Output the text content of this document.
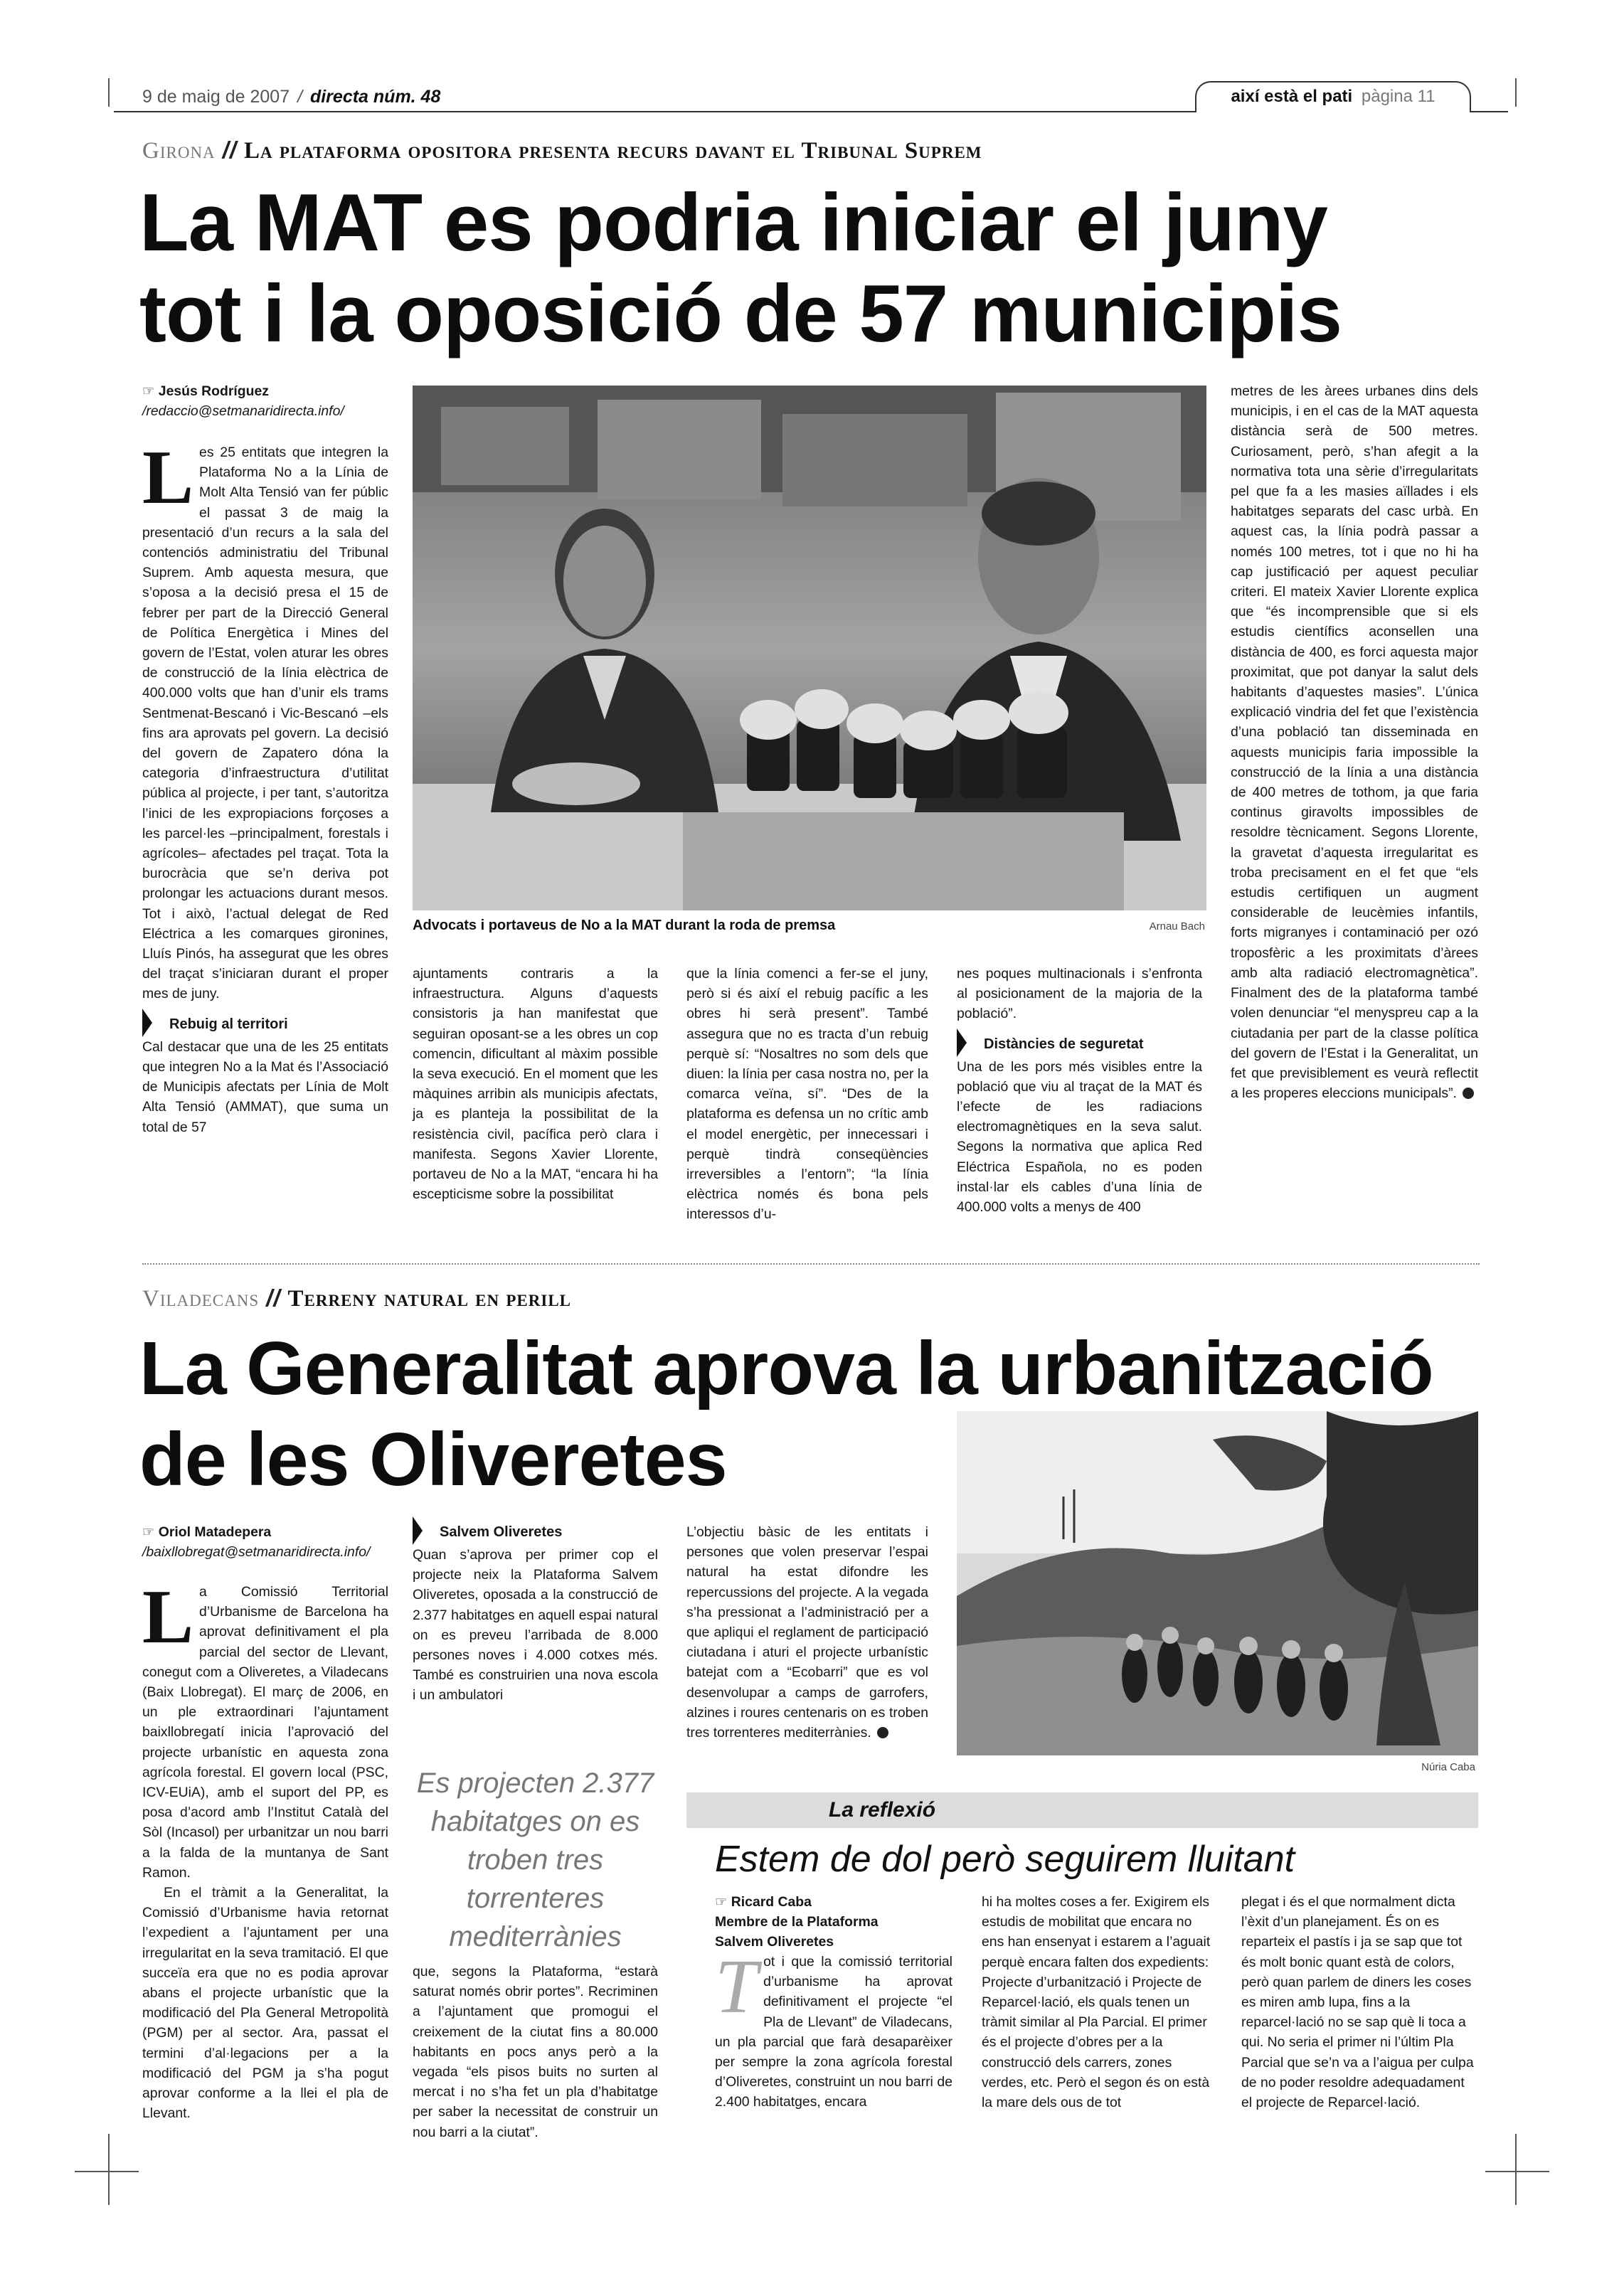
9 de maig de 2007 / directa núm. 48	així està el pati pàgina 11
Girona // La plataforma opositora presenta recurs davant el Tribunal Suprem
La MAT es podria iniciar el juny
tot i la oposició de 57 municipis
☞ Jesús Rodríguez
/redaccio@setmanaridirecta.info/

Les 25 entitats que integren la Plataforma No a la Línia de Molt Alta Tensió van fer públic el passat 3 de maig la presentació d’un recurs a la sala del contenciós administratiu del Tribunal Suprem. Amb aquesta mesura, que s’oposa a la decisió presa el 15 de febrer per part de la Direcció General de Política Energètica i Mines del govern de l’Estat, volen aturar les obres de construcció de la línia elèctrica de 400.000 volts que han d’unir els trams Sentmenat-Bescanó i Vic-Bescanó –els fins ara aprovats pel govern. La decisió del govern de Zapatero dóna la categoria d’infraestructura d’utilitat pública al projecte, i per tant, s’autoritza l’inici de les expropiacions forçoses a les parcel·les –principalment, forestals i agrícoles– afectades pel traçat. Tota la burocràcia que se’n deriva pot prolongar les actuacions durant mesos. Tot i això, l’actual delegat de Red Eléctrica a les comarques gironines, Lluís Pinós, ha assegurat que les obres del traçat s’iniciaran durant el proper mes de juny.

Rebuig al territori

Cal destacar que una de les 25 entitats que integren No a la Mat és l’Associació de Municipis afectats per Línia de Molt Alta Tensió (AMMAT), que suma un total de 57

Advocats i portaveus de No a la MAT durant la roda de premsa	Arnau Bach

ajuntaments contraris a la infraestructura. Alguns d’aquests consistoris ja han manifestat que seguiran oposant-se a les obres un cop comencin, dificultant al màxim possible la seva execució. En el moment que les màquines arribin als municipis afectats, ja es planteja la possibilitat de la resistència civil, pacífica però clara i manifesta. Segons Xavier Llorente, portaveu de No a la MAT, “encara hi ha escepticisme sobre la possibilitat

que la línia comenci a fer-se el juny, però si és així el rebuig pacífic a les obres hi serà present”. També assegura que no es tracta d’un rebuig perquè sí: “Nosaltres no som dels que diuen: la línia per casa nostra no, per la comarca veïna, sí”. “Des de la plataforma es defensa un no crític amb el model energètic, per innecessari i perquè tindrà conseqüències irreversibles a l’entorn”; “la línia elèctrica només és bona pels interessos d’u-

nes poques multinacionals i s’enfronta al posicionament de la majoria de la població”.

Distàncies de seguretat

Una de les pors més visibles entre la població que viu al traçat de la MAT és l’efecte de les radiacions electromagnètiques en la seva salut. Segons la normativa que aplica Red Eléctrica Española, no es poden instal·lar els cables d’una línia de 400.000 volts a menys de 400

metres de les àrees urbanes dins dels municipis, i en el cas de la MAT aquesta distància serà de 500 metres. Curiosament, però, s’han afegit a la normativa tota una sèrie d’irregularitats pel que fa a les masies aïllades i els habitatges separats del casc urbà. En aquest cas, la línia podrà passar a només 100 metres, tot i que no hi ha cap justificació per aquest peculiar criteri. El mateix Xavier Llorente explica que “és incomprensible que si els estudis científics aconsellen una distància de 400, es forci aquesta major proximitat, que pot danyar la salut dels habitants d’aquestes masies”. L’única explicació vindria del fet que l’existència d’una població tan disseminada en aquests municipis faria impossible la construcció de la línia a una distància de 400 metres de tothom, ja que faria continus giravolts impossibles de resoldre tècnicament. Segons Llorente, la gravetat d’aquesta irregularitat es troba precisament en el fet que “els estudis certifiquen un augment considerable de leucèmies infantils, forts migranyes i contaminació per ozó troposfèric a les proximitats d’àrees amb alta radiació electromagnètica”. Finalment des de la plataforma també volen denunciar “el menyspreu cap a la ciutadania per part de la classe política del govern de l’Estat i la Generalitat, un fet que previsiblement es veurà reflectit a les properes eleccions municipals”.

Viladecans // Terreny natural en perill
La Generalitat aprova la urbanització
de les Oliveretes
Núria Caba
☞ Oriol Matadepera
/baixllobregat@setmanaridirecta.info/

La Comissió Territorial d’Urbanisme de Barcelona ha aprovat definitivament el pla parcial del sector de Llevant, conegut com a Oliveretes, a Viladecans (Baix Llobregat). El març de 2006, en un ple extraordinari l’ajuntament baixllobregatí inicia l’aprovació del projecte urbanístic en aquesta zona agrícola forestal. El govern local (PSC, ICV-EUiA), amb el suport del PP, es posa d’acord amb l’Institut Català del Sòl (Incasol) per urbanitzar un nou barri a la falda de la muntanya de Sant Ramon.

En el tràmit a la Generalitat, la Comissió d’Urbanisme havia retornat l’expedient a l’ajuntament per una irregularitat en la seva tramitació. El que succeïa era que no es podia aprovar abans el projecte urbanístic que la modificació del Pla General Metropolità (PGM) per al sector. Ara, passat el termini d’al·legacions per a la modificació del PGM ja s’ha pogut aprovar conforme a la llei el pla de Llevant.

Salvem Oliveretes

Quan s’aprova per primer cop el projecte neix la Plataforma Salvem Oliveretes, oposada a la construcció de 2.377 habitatges en aquell espai natural on es preveu l’arribada de 8.000 persones noves i 4.000 cotxes més. També es construirien una nova escola i un ambulatori

Es projecten 2.377 habitatges on es troben tres torrenteres mediterrànies

que, segons la Plataforma, “estarà saturat només obrir portes”. Recriminen a l’ajuntament que promogui el creixement de la ciutat fins a 80.000 habitants en pocs anys però a la vegada “els pisos buits no surten al mercat i no s’ha fet un pla d’habitatge per saber la necessitat de construir un nou barri a la ciutat”.

L’objectiu bàsic de les entitats i persones que volen preservar l’espai natural ha estat difondre les repercussions del projecte. A la vegada s’ha pressionat a l’administració per a que apliqui el reglament de participació ciutadana i aturi el projecte urbanístic batejat com a “Ecobarri” que es vol desenvolupar a camps de garrofers, alzines i roures centenaris on es troben tres torrenteres mediterrànies.

La reflexió
Estem de dol però seguirem lluitant
☞ Ricard Caba
Membre de la Plataforma
Salvem Oliveretes

Tot i que la comissió territorial d’urbanisme ha aprovat definitivament el projecte “el Pla de Llevant” de Viladecans, un pla parcial que farà desaparèixer per sempre la zona agrícola forestal d’Oliveretes, construint un nou barri de 2.400 habitatges, encara

hi ha moltes coses a fer. Exigirem els estudis de mobilitat que encara no ens han ensenyat i estarem a l’aguait perquè encara falten dos expedients: Projecte d’urbanització i Projecte de Reparcel·lació, els quals tenen un tràmit similar al Pla Parcial. El primer és el projecte d’obres per a la construcció dels carrers, zones verdes, etc. Però el segon és on està la mare dels ous de tot

plegat i és el que normalment dicta l’èxit d’un planejament. És on es reparteix el pastís i ja se sap que tot és molt bonic quant està de colors, però quan parlem de diners les coses es miren amb lupa, fins a la reparcel·lació no se sap què li toca a qui. No seria el primer ni l’últim Pla Parcial que se’n va a l’aigua per culpa de no poder resoldre adequadament el projecte de Reparcel·lació.
